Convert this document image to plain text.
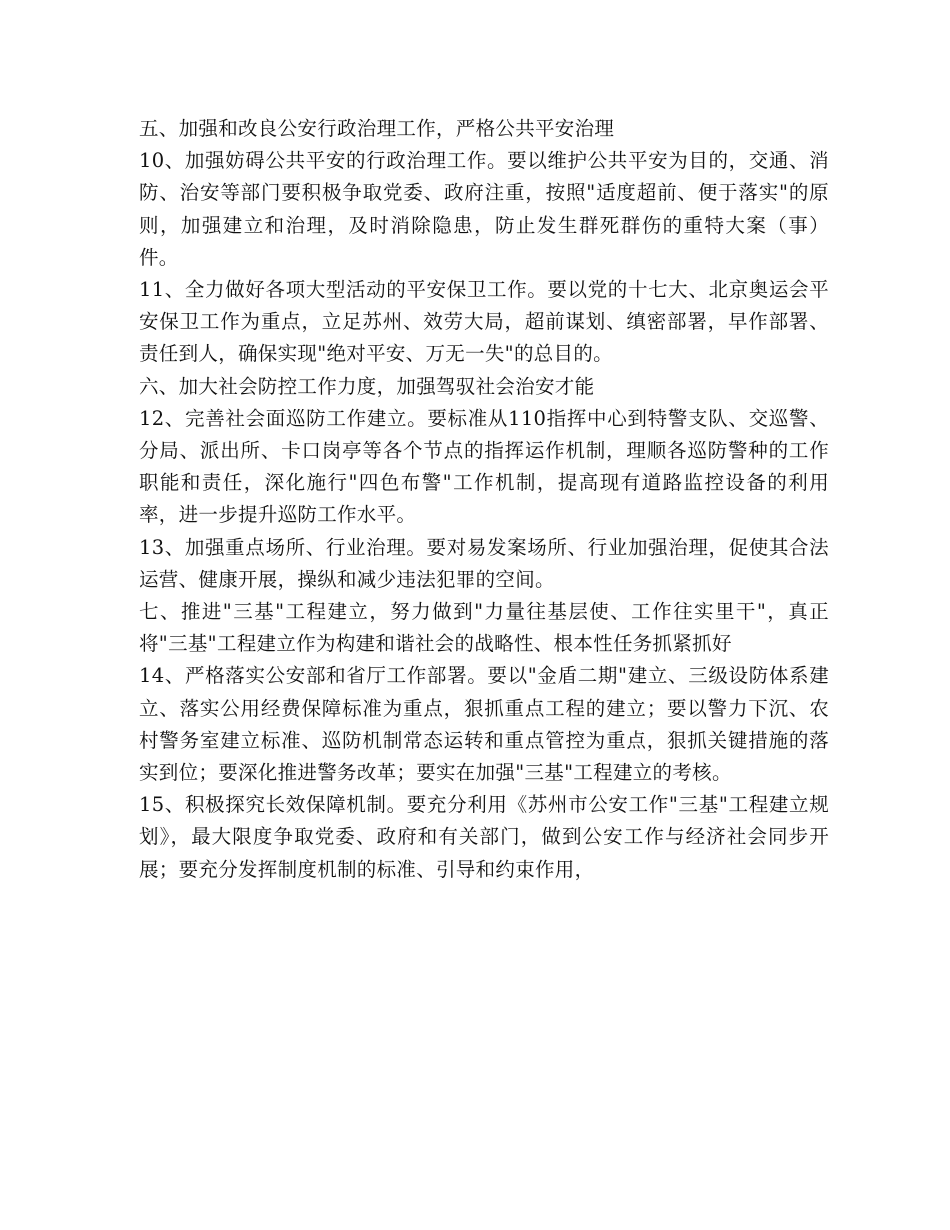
五、加强和改良公安行政治理工作，严格公共平安治理

10、加强妨碍公共平安的行政治理工作。要以维护公共平安为目的，交通、消防、治安等部门要积极争取党委、政府注重，按照"适度超前、便于落实"的原则，加强建立和治理，及时消除隐患，防止发生群死群伤的重特大案（事）件。

11、全力做好各项大型活动的平安保卫工作。要以党的十七大、北京奥运会平安保卫工作为重点，立足苏州、效劳大局，超前谋划、缜密部署，早作部署、责任到人，确保实现"绝对平安、万无一失"的总目的。

六、加大社会防控工作力度，加强驾驭社会治安才能

12、完善社会面巡防工作建立。要标准从110指挥中心到特警支队、交巡警、分局、派出所、卡口岗亭等各个节点的指挥运作机制，理顺各巡防警种的工作职能和责任，深化施行"四色布警"工作机制，提高现有道路监控设备的利用率，进一步提升巡防工作水平。

13、加强重点场所、行业治理。要对易发案场所、行业加强治理，促使其合法运营、健康开展，操纵和减少违法犯罪的空间。

七、推进"三基"工程建立，努力做到"力量往基层使、工作往实里干"，真正将"三基"工程建立作为构建和谐社会的战略性、根本性任务抓紧抓好

14、严格落实公安部和省厅工作部署。要以"金盾二期"建立、三级设防体系建立、落实公用经费保障标准为重点，狠抓重点工程的建立；要以警力下沉、农村警务室建立标准、巡防机制常态运转和重点管控为重点，狠抓关键措施的落实到位；要深化推进警务改革；要实在加强"三基"工程建立的考核。

15、积极探究长效保障机制。要充分利用《苏州市公安工作"三基"工程建立规划》，最大限度争取党委、政府和有关部门，做到公安工作与经济社会同步开展；要充分发挥制度机制的标准、引导和约束作用，
